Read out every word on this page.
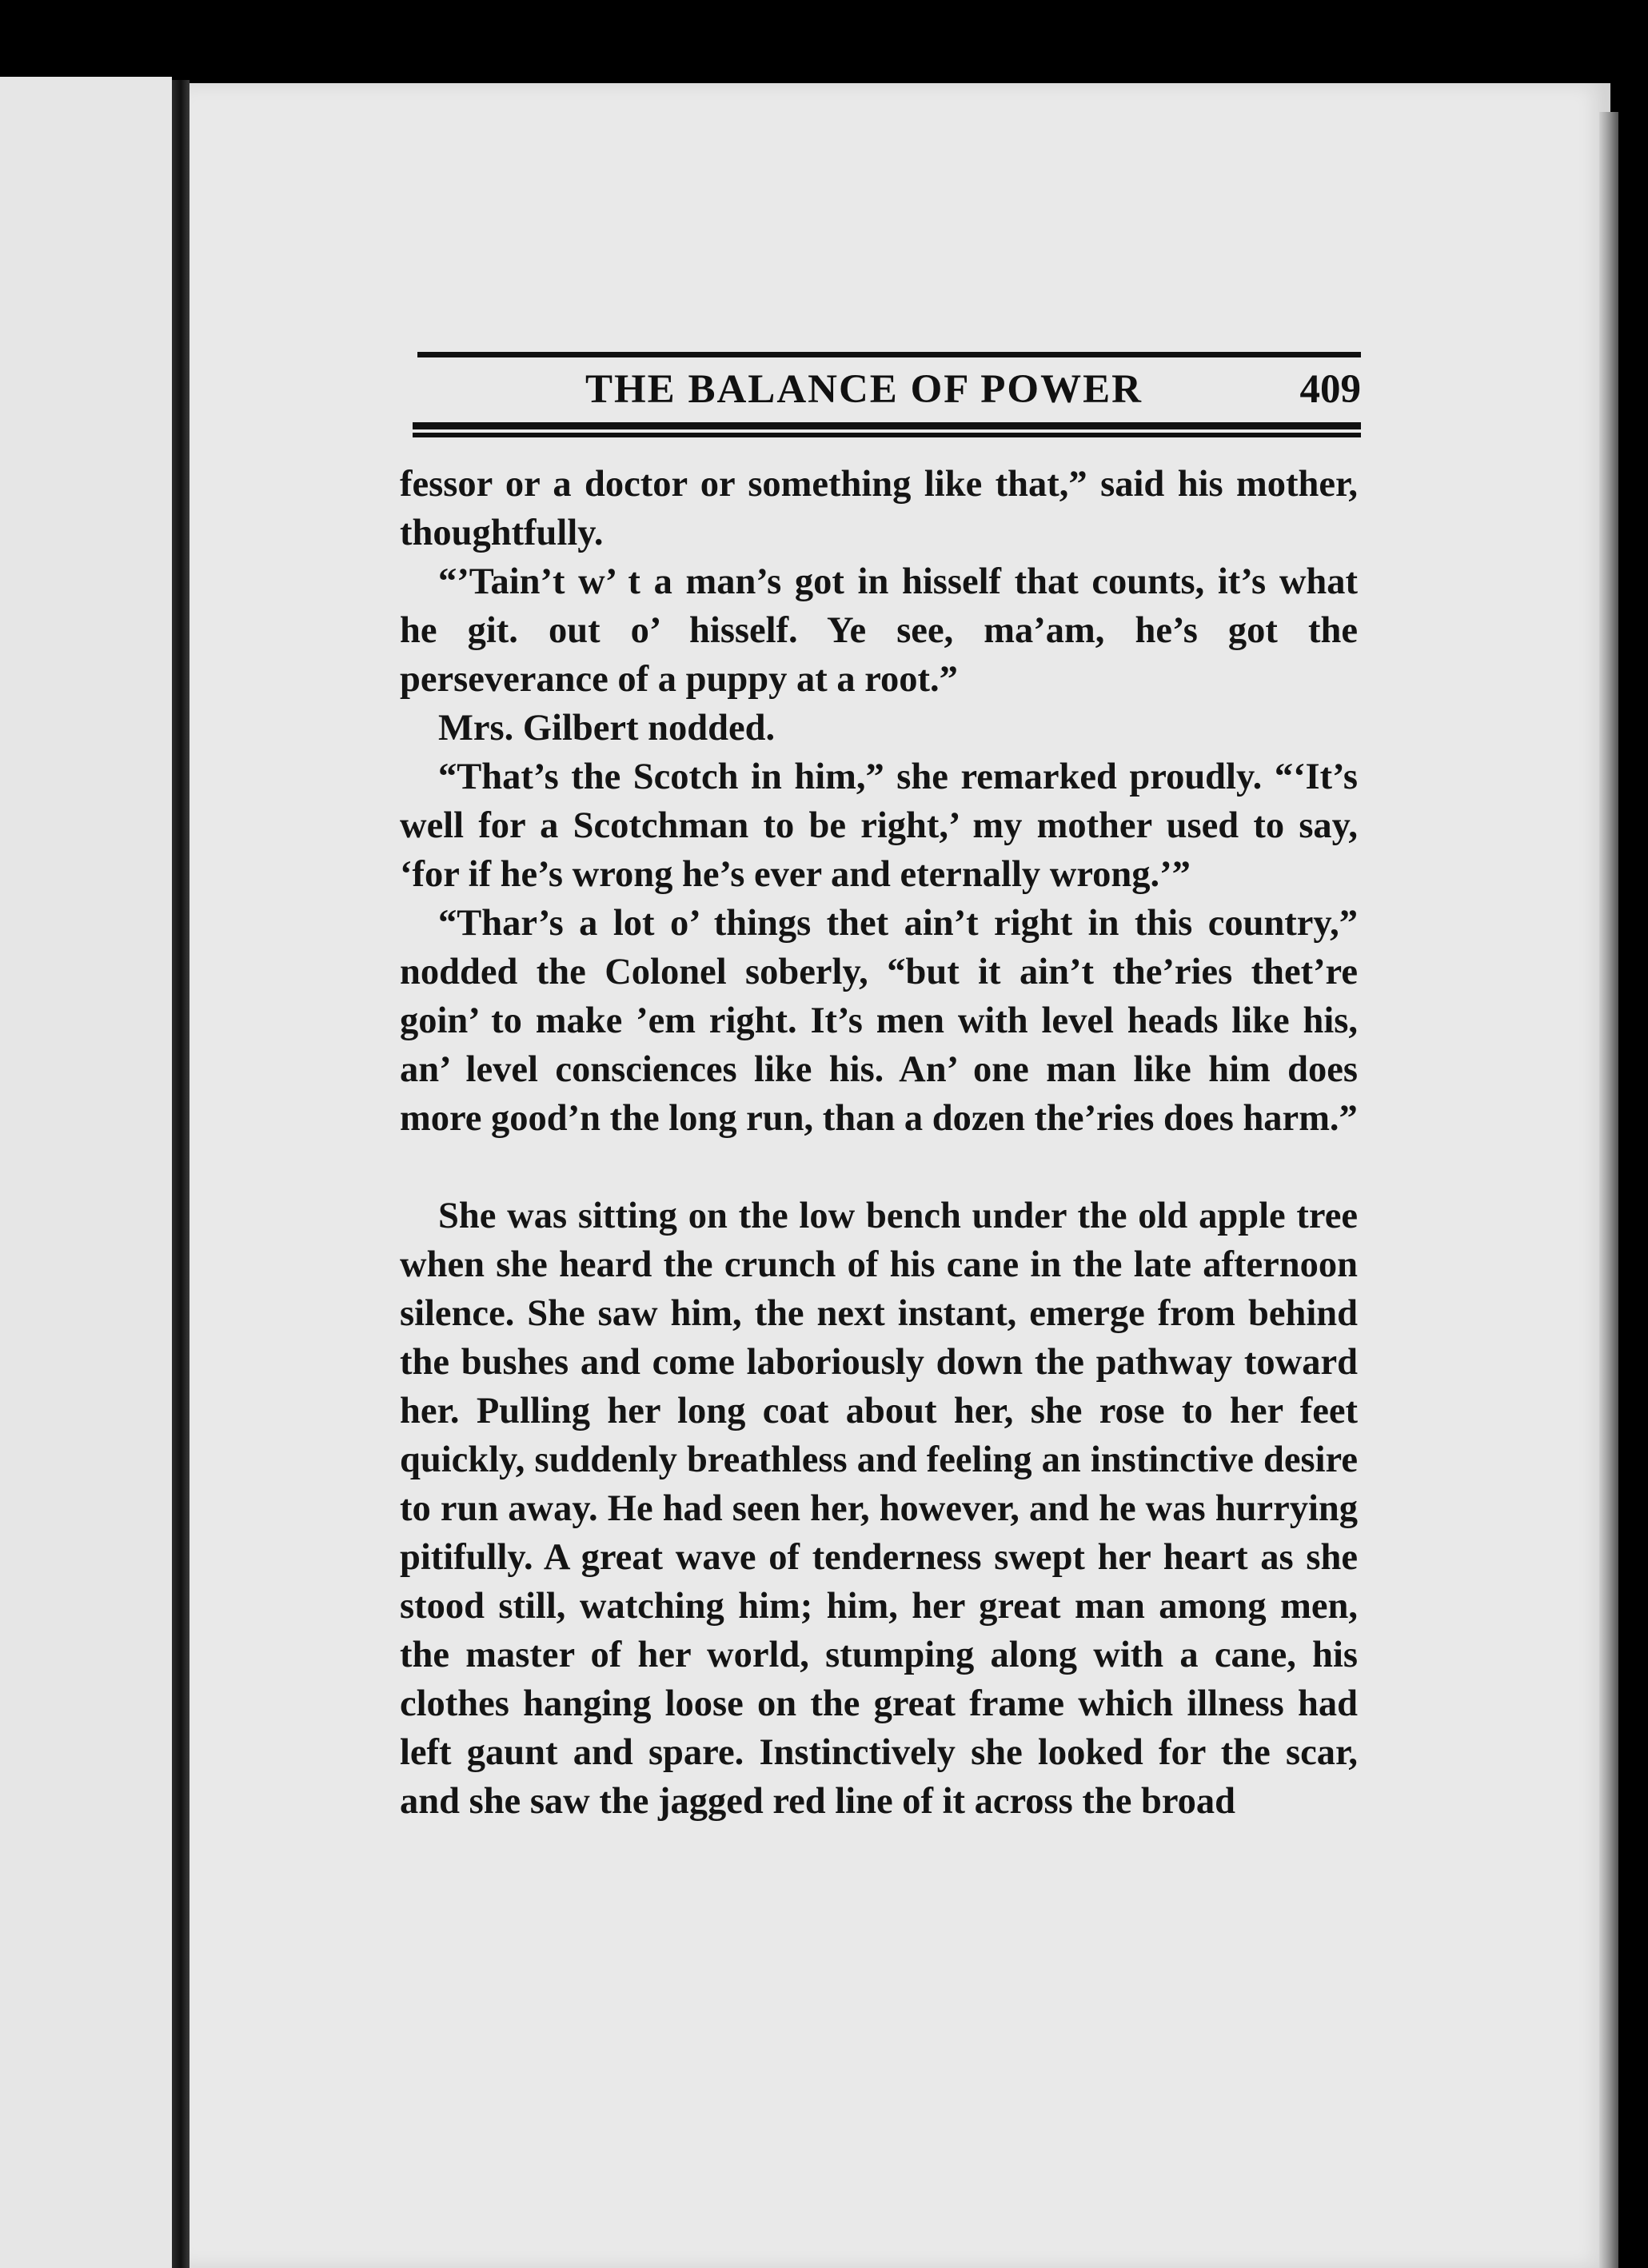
THE BALANCE OF POWER	409

fessor or a doctor or something like that,” said his mother, thoughtfully.

“’Tain’t w’ t a man’s got in hisself that counts, it’s what he git. out o’ hisself. Ye see, ma’am, he’s got the perseverance of a puppy at a root.”

Mrs. Gilbert nodded.

“That’s the Scotch in him,” she remarked proudly. “‘It’s well for a Scotchman to be right,’ my mother used to say, ‘for if he’s wrong he’s ever and eternally wrong.’”

“Thar’s a lot o’ things thet ain’t right in this country,” nodded the Colonel soberly, “but it ain’t the’ries thet’re goin’ to make ’em right. It’s men with level heads like his, an’ level consciences like his. An’ one man like him does more good’n the long run, than a dozen the’ries does harm.”

She was sitting on the low bench under the old apple tree when she heard the crunch of his cane in the late afternoon silence. She saw him, the next instant, emerge from behind the bushes and come laboriously down the pathway toward her. Pulling her long coat about her, she rose to her feet quickly, suddenly breathless and feeling an instinctive desire to run away. He had seen her, however, and he was hurrying pitifully. A great wave of tenderness swept her heart as she stood still, watching him; him, her great man among men, the master of her world, stumping along with a cane, his clothes hanging loose on the great frame which illness had left gaunt and spare. Instinctively she looked for the scar, and she saw the jagged red line of it across the broad
